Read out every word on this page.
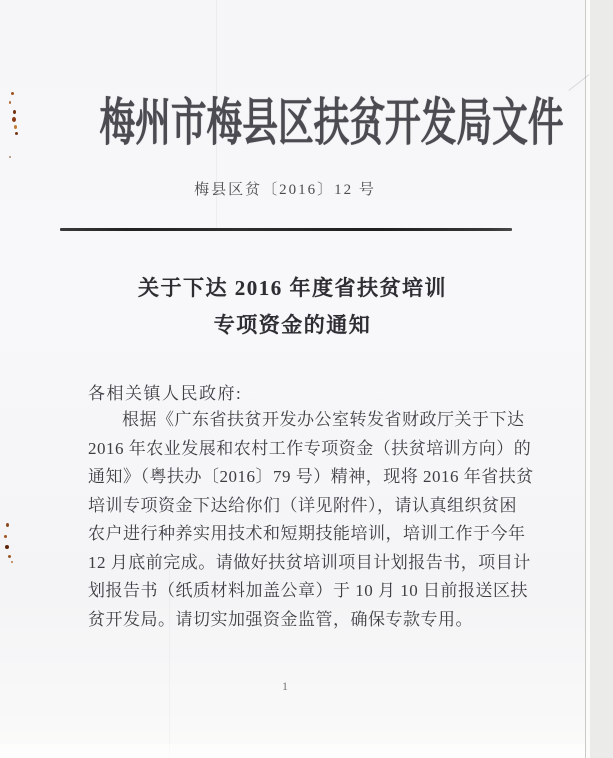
梅州市梅县区扶贫开发局文件
梅县区贫〔2016〕12 号
关于下达 2016 年度省扶贫培训
专项资金的通知
各相关镇人民政府:
根据《广东省扶贫开发办公室转发省财政厅关于下达
2016 年农业发展和农村工作专项资金（扶贫培训方向）的
通知》（粤扶办〔2016〕79 号）精神，现将 2016 年省扶贫
培训专项资金下达给你们（详见附件），请认真组织贫困
农户进行种养实用技术和短期技能培训，培训工作于今年
12 月底前完成。请做好扶贫培训项目计划报告书，项目计
划报告书（纸质材料加盖公章）于 10 月 10 日前报送区扶
贫开发局。请切实加强资金监管，确保专款专用。
1
